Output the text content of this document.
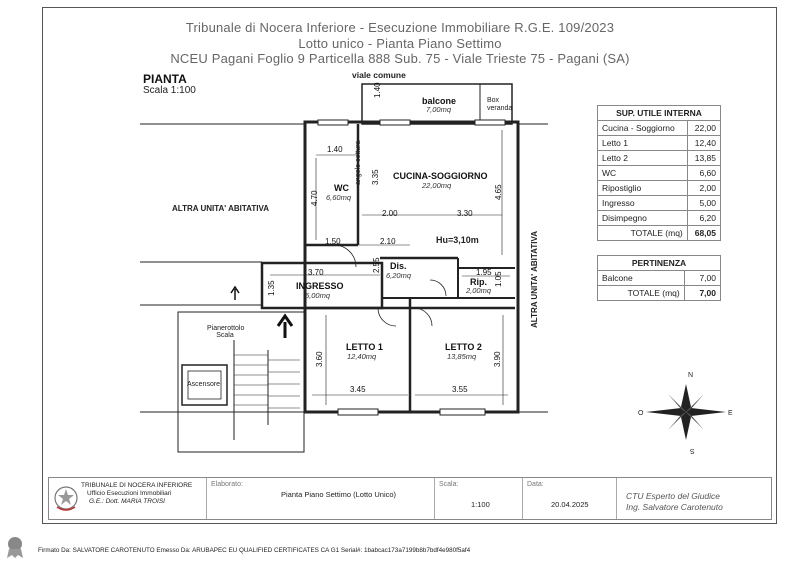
Tribunale di Nocera Inferiore - Esecuzione Immobiliare R.G.E. 109/2023
Lotto unico - Pianta Piano Settimo
NCEU Pagani Foglio 9 Particella 888 Sub. 75 - Viale Trieste 75 - Pagani (SA)
PIANTA
Scala 1:100
viale comune
balcone
7,00mq
Box veranda
WC
6,60mq
CUCINA-SOGGIORNO
22,00mq
angolo cottura
Dis.
6,20mq
Rip.
2,00mq
INGRESSO
5,00mq
LETTO 1
12,40mq
LETTO 2
13,85mq
Hu=3,10m
ALTRA UNITA' ABITATIVA
ALTRA UNITA' ABITATIVA
Pianerottolo Scala
Ascensore
1.40
1.40
4.70
3.35
2.00	3.30
4.65
1.50	2.10
2.55
3.70
1.35
1.95 1.05
3.60
3.45	3.55
3.90
N
S
E
O
SUP. UTILE INTERNA	
Cucina - Soggiorno	22,00
Letto 1	12,40
Letto 2	13,85
WC	6,60
Ripostiglio	2,00
Ingresso	5,00
Disimpegno	6,20
TOTALE (mq)	68,05
PERTINENZA	
Balcone	7,00
TOTALE (mq)	7,00
TRIBUNALE DI NOCERA INFERIORE
Ufficio Esecuzioni Immobiliari
G.E.: Dott. MARIA TROISI
Elaborato:
Pianta Piano Settimo (Lotto Unico)
Scala:
1:100
Data:
20.04.2025
CTU Esperto del Giudice
Ing. Salvatore Carotenuto
Firmato Da: SALVATORE CAROTENUTO Emesso Da: ARUBAPEC EU QUALIFIED CERTIFICATES CA G1 Serial#: 1babcac173a7199b8b7bdf4e980f5af4
